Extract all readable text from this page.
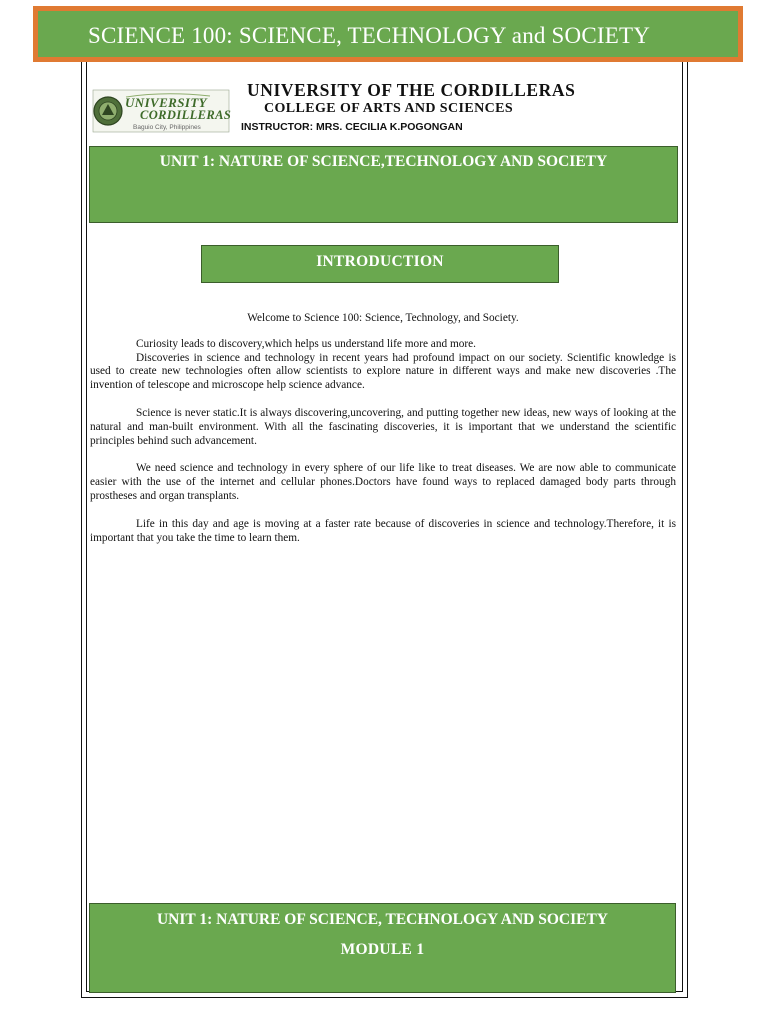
SCIENCE 100: SCIENCE, TECHNOLOGY and SOCIETY
UNIVERSITY
CORDILLERAS
Baguio City, Philippines
UNIVERSITY OF THE CORDILLERAS
COLLEGE OF ARTS AND SCIENCES
INSTRUCTOR: MRS. CECILIA K.POGONGAN
UNIT 1: NATURE OF SCIENCE,TECHNOLOGY AND SOCIETY
INTRODUCTION

Welcome to Science 100: Science, Technology, and Society.

Curiosity leads to discovery,which helps us understand life more and more.

Discoveries in science and technology in recent years had profound impact on our society. Scientific knowledge is used to create new technologies often allow scientists to explore nature in different ways and make new discoveries .The invention of telescope and microscope help science advance.

Science is never static.It is always discovering,uncovering, and putting together new ideas, new ways of looking at the natural and man-built environment. With all the fascinating discoveries, it is important that we understand the scientific principles behind such advancement.

We need science and technology in every sphere of our life like to treat diseases. We are now able to communicate easier with the use of the internet and cellular phones.Doctors have found ways to replaced damaged body parts through prostheses and organ transplants.

Life in this day and age is moving at a faster rate because of discoveries in science and technology.Therefore, it is important that you take the time to learn them.

UNIT 1: NATURE OF SCIENCE, TECHNOLOGY AND SOCIETY
MODULE 1
